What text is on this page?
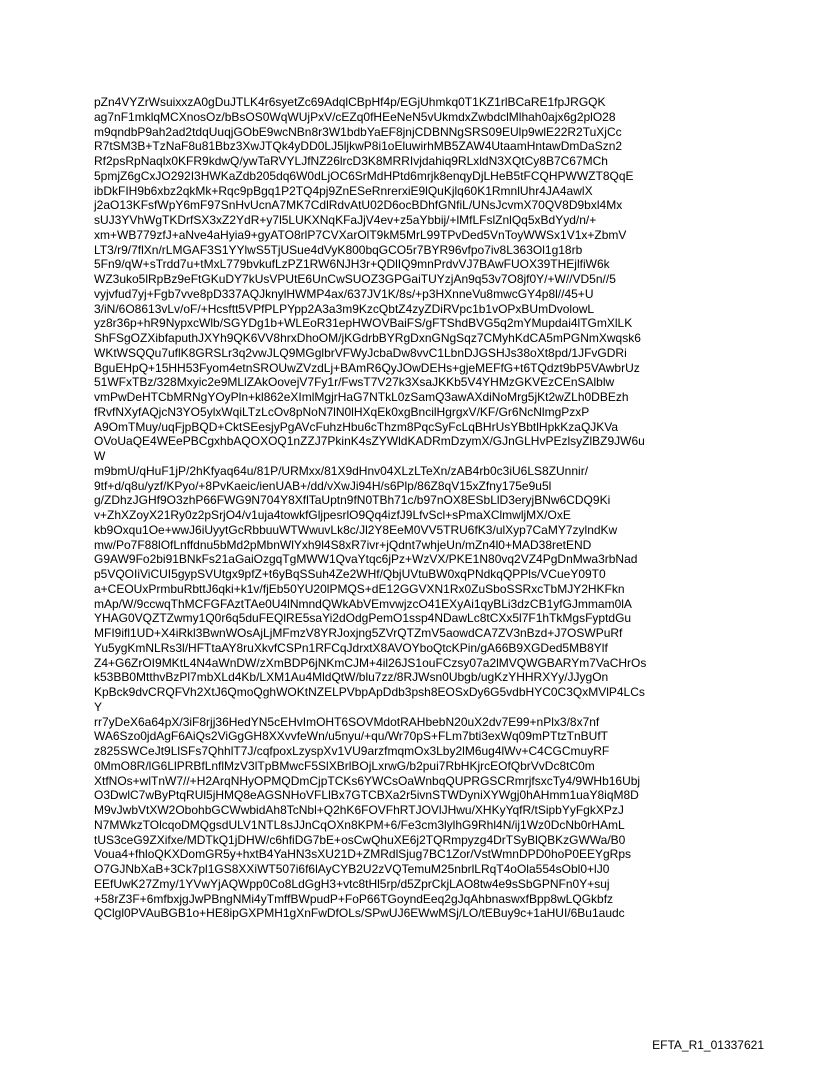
pZn4VYZrWsuixxzA0gDuJTLK4r6syetZc69AdqlCBpHf4p/EGjUhmkq0T1KZ1rlBCaRE1fpJRGQK
ag7nF1mklqMCXnosOz/bBsOS0WqWUjPxV/cEZq0fHEeNeN5vUkmdxZwbdclMlhah0ajx6g2plO28
m9qndbP9ah2ad2tdqUuqjGObE9wcNBn8r3W1bdbYaEF8jnjCDBNNgSRS09EUlp9wlE22R2TuXjCc
R7tSM3B+TzNaF8u81Bbz3XwJTQk4yDD0LJ5ljkwP8i1oEluwirhMB5ZAW4UtaamHntawDmDaSzn2
Rf2psRpNaqlx0KFR9kdwQ/ywTaRVYLJfNZ26lrcD3K8MRRIvjdahiq9RLxldN3XQtCy8B7C67MCh
5pmjZ6gCxJO292I3HWKaZdb205dq6W0dLjOC6SrMdHPtd6mrjk8enqyDjLHeB5tFCQHPWWZT8QqE
ibDkFIH9b6xbz2qkMk+Rqc9pBgq1P2TQ4pj9ZnESeRnrerxiE9lQuKjlq60K1RmnlUhr4JA4awlX
j2aO13KFsfWpY6mF97SnHvUcnA7MK7CdlRdvAtU02D6ocBDhfGNfiL/UNsJcvmX70QV8D9bxl4Mx
sUJ3YVhWgTKDrfSX3xZ2YdR+y7l5LUKXNqKFaJjV4ev+z5aYbbij/+lMfLFslZnlQq5xBdYyd/n/+
xm+WB779zfJ+aNve4aHyia9+gyATO8rlP7CVXarOlT9kM5MrL99TPvDed5VnToyWWSx1V1x+ZbmV
LT3/r9/7flXn/rLMGAF3S1YYlwS5TjUSue4dVyK800bqGCO5r7BYR96vfpo7iv8L363Ol1g18rb
5Fn9/qW+sTrdd7u+tMxL779bvkufLzPZ1RW6NJH3r+QDlIQ9mnPrdvVJ7BAwFUOX39THEjlfiW6k
WZ3uko5lRpBz9eFtGKuDY7kUsVPUtE6UnCwSUOZ3GPGaiTUYzjAn9q53v7O8jf0Y/+W//VD5n//5
vyjvfud7yj+Fgb7vve8pD337AQJknylHWMP4ax/637JV1K/8s/+p3HXnneVu8mwcGY4p8l//45+U
3/iN/6O8613vLv/oF/+Hcsftt5VPfPLPYpp2A3a3m9KzcQbtZ4zyZDiRVpc1b1vOPxBUmDvolowL
yz8r36p+hR9NypxcWlb/SGYDg1b+WLEoR31epHWOVBaiFS/gFTShdBVG5q2mYMupdai4lTGmXlLK
ShFSgOZXibfaputhJXYh9QK6VV8hrxDhoOM/jKGdrbBYRgDxnGNgSqz7CMyhKdCA5mPGNmXwqsk6
WKtWSQQu7uflK8GRSLr3q2vwJLQ9MGglbrVFWyJcbaDw8vvC1LbnDJGSHJs38oXt8pd/1JFvGDRi
BguEHpQ+15HH53Fyom4etnSROUwZVzdLj+BAmR6QyJOwDEHs+gjeMEFfG+t6TQdzt9bP5VAwbrUz
51WFxTBz/328Mxyic2e9MLlZAkOovejV7Fy1r/FwsT7V27k3XsaJKKb5V4YHMzGKVEzCEnSAlblw
vmPwDeHTCbMRNgYOyPln+kl862eXImlMgjrHaG7NTkL0zSamQ3awAXdiNoMrg5jKt2wZLh0DBEzh
fRvfNXyfAQjcN3YO5ylxWqiLTzLcOv8pNoN7lN0lHXqEk0xgBncilHgrgxV/KF/Gr6NcNlmgPzxP
A9OmTMuy/uqFjpBQD+CktSEesjyPgAVcFuhzHbu6cThzm8PqcSyFcLqBHrUsYBbtlHpkKzaQJKVa
OVoUaQE4WEePBCgxhbAQOXOQ1nZZJ7PkinK4sZYWldKADRmDzymX/GJnGLHvPEzlsyZlBZ9JW6u
W
m9bmU/qHuF1jP/2hKfyaq64u/81P/URMxx/81X9dHnv04XLzLTeXn/zAB4rb0c3iU6LS8ZUnnir/
9tf+d/q8u/yzf/KPyo/+8PvKaeic/ienUAB+/dd/vXwJi94H/s6Plp/86Z8qV15xZfny175e9u5l
g/ZDhzJGHf9O3zhP66FWG9N704Y8XflTaUptn9fN0TBh71c/b97nOX8ESbLlD3eryjBNw6CDQ9Ki
v+ZhXZoyX21Ry0z2pSrjO4/v1uja4towkfGljpesrlO9Qq4izfJ9LfvScl+sPmaXClmwljMX/OxE
kb9Oxqu1Oe+wwJ6iUyytGcRbbuuWTWwuvLk8c/Jl2Y8EeM0VV5TRU6fK3/ulXyp7CaMY7zylndKw
mw/Po7F88lOfLnffdnu5bMd2pMbnWlYxh9l4S8xR7ivr+jQdnt7whjeUn/mZn4l0+MAD38retEND
G9AW9Fo2bi91BNkFs21aGaiOzgqTgMWW1QvaYtqc6jPz+WzVX/PKE1N80vq2VZ4PgDnMwa3rbNad
p5VQOIiViCUI5gypSVUtgx9pfZ+t6yBqSSuh4Ze2WHf/QbjUVtuBW0xqPNdkqQPPls/VCueY09T0
a+CEOUxPrmbuRbttJ6qki+k1v/fjEb50YU20lPMQS+dE12GGVXN1Rx0ZuSboSSRxcTbMJY2HKFkn
mAp/W/9ccwqThMCFGFAztTAe0U4lNmndQWkAbVEmvwjzcO41EXyAi1qyBLi3dzCB1yfGJmmam0lA
YHAG0VQZTZwmy1Q0r6q5duFEQlRE5saYi2dOdgPemO1ssp4NDawLc8tCXx5l7F1hTkMgsFyptdGu
MFI9ifl1UD+X4iRkl3BwnWOsAjLjMFmzV8YRJoxjng5ZVrQTZmV5aowdCA7ZV3nBzd+J7OSWPuRf
Yu5ygKmNLRs3l/HFTtaAY8ruXkvfCSPn1RFCqJdrxtX8AVOYboQtcKPin/gA66B9XGDed5MB8Ylf
Z4+G6ZrOI9MKtL4N4aWnDW/zXmBDP6jNKmCJM+4il26JS1ouFCzsy07a2lMVQWGBARYm7VaCHrOs
k53BB0MtthvBzPl7mbXLd4Kb/LXM1Au4MldQtW/blu7zz/8RJWsn0Ubgb/ugKzYHHRXYy/JJygOn
KpBck9dvCRQFVh2XtJ6QmoQghWOKtNZELPVbpApDdb3psh8EOSxDy6G5vdbHYC0C3QxMVlP4LCs
Y
rr7yDeX6a64pX/3iF8rjj36HedYN5cEHvImOHT6SOVMdotRAHbebN20uX2dv7E99+nPlx3/8x7nf
WA6Szo0jdAgF6AiQs2ViGgGH8XXvvfeWn/u5nyu/+qu/Wr70pS+FLm7bti3exWq09mPTtzTnBUfT
z825SWCeJt9LlSFs7QhhlT7J/cqfpoxLzyspXv1VU9arzfmqmOx3Lby2lM6ug4lWv+C4CGCmuyRF
0MmO8R/lG6LlPRBfLnflMzV3lTpBMwcF5SlXBrlBOjLxrwG/b2pui7RbHKjrcEOfQbrVvDc8tC0m
XtfNOs+wlTnW7//+H2ArqNHyOPMQDmCjpTCKs6YWCsOaWnbqQUPRGSCRmrjfsxcTy4/9WHb16Ubj
O3DwlC7wByPtqRUl5jHMQ8eAGSNHoVFLlBx7GTCBXa2r5ivnSTWDyniXYWgj0hAHmm1uaY8iqM8D
M9vJwbVtXW2ObohbGCWwbidAh8TcNbl+Q2hK6FOVFhRTJOVlJHwu/XHKyYqfR/tSipbYyFgkXPzJ
N7MWkzTOlcqoDMQgsdULV1NTL8sJJnCqOXn8KPM+6/Fe3cm3lylhG9Rhl4N/ij1Wz0DcNb0rHAmL
tUS3ceG9ZXifxe/MDTkQ1jDHW/c6hfiDG7bE+osCwQhuXE6j2TQRmpyzg4DrTSyBlQBKzGWWa/B0
Voua4+fhloQKXDomGR5y+hxtB4YaHN3sXU21D+ZMRdlSjug7BC1Zor/VstWmnDPD0hoP0EEYgRps
O7GJNbXaB+3Ck7pl1GS8XXiWT507i6f6lAyCYB2U2zVQTemuM25nbrlLRqT4oOla554sObl0+lJ0
EEfUwK27Zmy/1YVwYjAQWpp0Co8LdGgH3+vtc8tHl5rp/d5ZprCkjLAO8tw4e9sSbGPNFn0Y+suj
+58rZ3F+6mfbxjgJwPBngNMi4yTmffBWpudP+FoP66TGoyndEeq2gJqAhbnaswxfBpp8wLQGkbfz
QClgl0PVAuBGB1o+HE8ipGXPMH1gXnFwDfOLs/SPwUJ6EWwMSj/LO/tEBuy9c+1aHUI/6Bu1audc
EFTA_R1_01337621
